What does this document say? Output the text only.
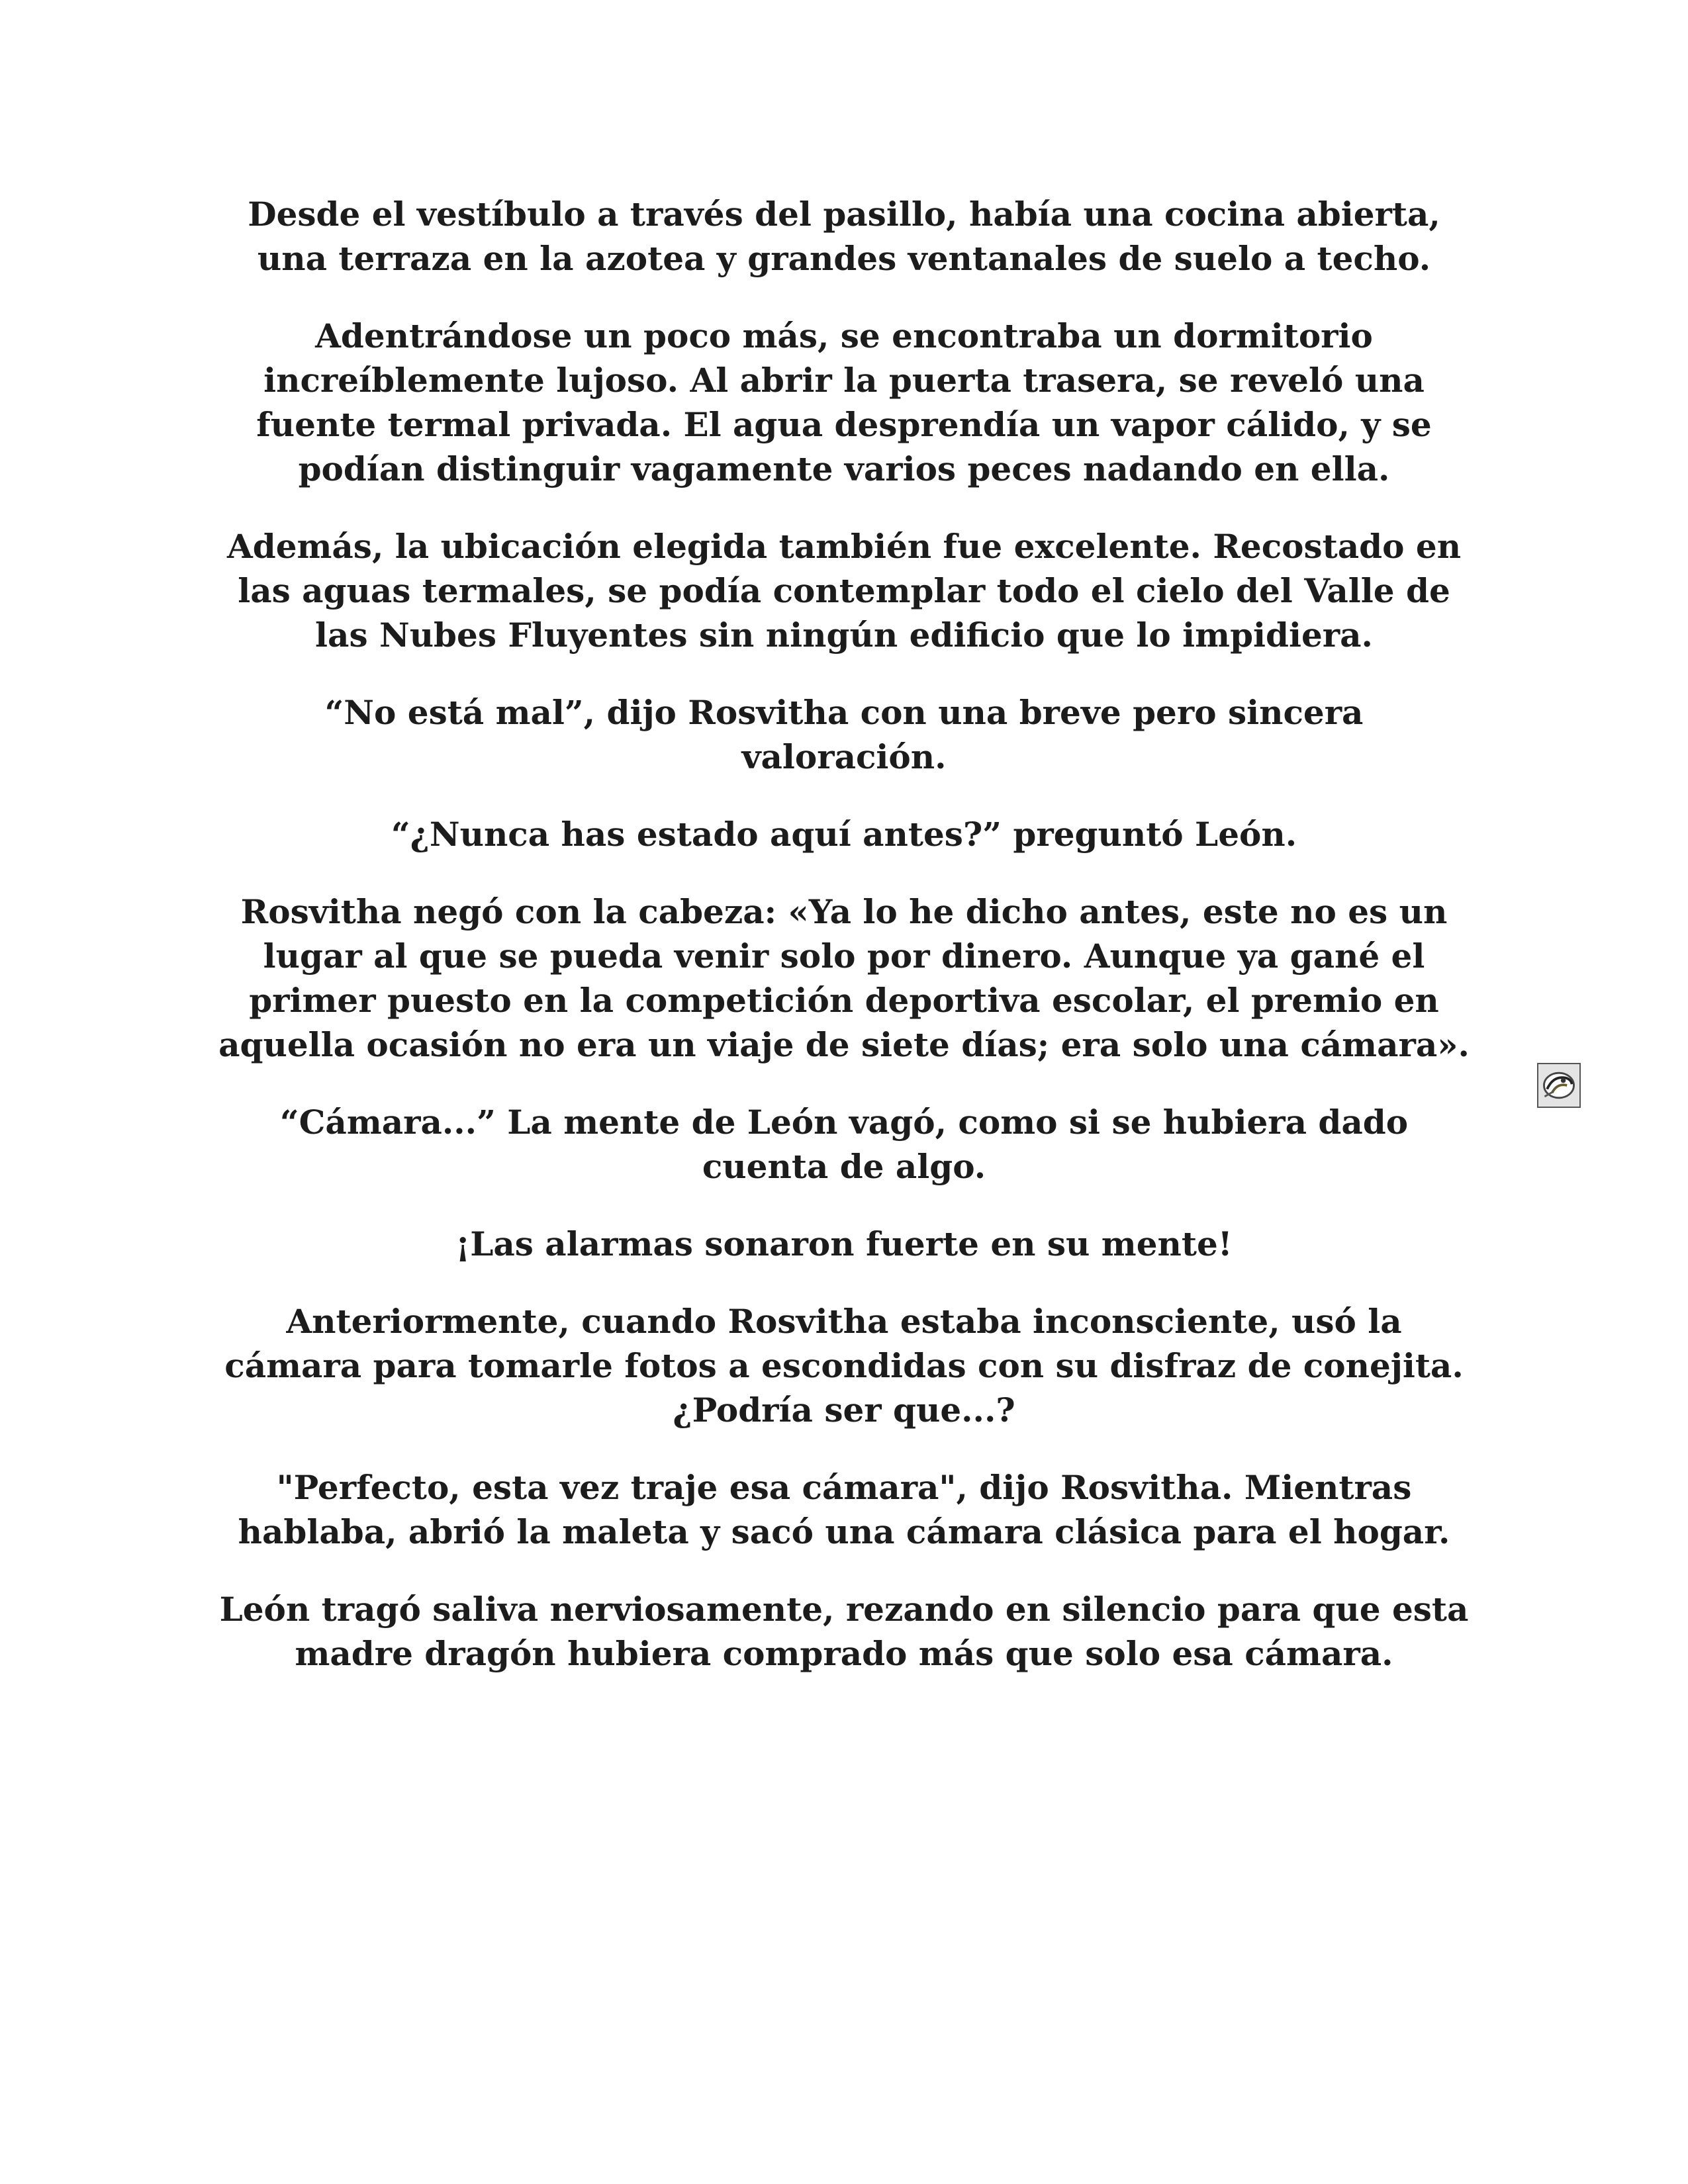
Desde el vestíbulo a través del pasillo, había una cocina abierta, una terraza en la azotea y grandes ventanales de suelo a techo.

Adentrándose un poco más, se encontraba un dormitorio increíblemente lujoso. Al abrir la puerta trasera, se reveló una fuente termal privada. El agua desprendía un vapor cálido, y se podían distinguir vagamente varios peces nadando en ella.

Además, la ubicación elegida también fue excelente. Recostado en las aguas termales, se podía contemplar todo el cielo del Valle de las Nubes Fluyentes sin ningún edificio que lo impidiera.

“No está mal”, dijo Rosvitha con una breve pero sincera valoración.

“¿Nunca has estado aquí antes?” preguntó León.

Rosvitha negó con la cabeza: «Ya lo he dicho antes, este no es un lugar al que se pueda venir solo por dinero. Aunque ya gané el primer puesto en la competición deportiva escolar, el premio en aquella ocasión no era un viaje de siete días; era solo una cámara».

“Cámara...” La mente de León vagó, como si se hubiera dado cuenta de algo.

¡Las alarmas sonaron fuerte en su mente!

Anteriormente, cuando Rosvitha estaba inconsciente, usó la cámara para tomarle fotos a escondidas con su disfraz de conejita. ¿Podría ser que...?

"Perfecto, esta vez traje esa cámara", dijo Rosvitha. Mientras hablaba, abrió la maleta y sacó una cámara clásica para el hogar.

León tragó saliva nerviosamente, rezando en silencio para que esta madre dragón hubiera comprado más que solo esa cámara.
